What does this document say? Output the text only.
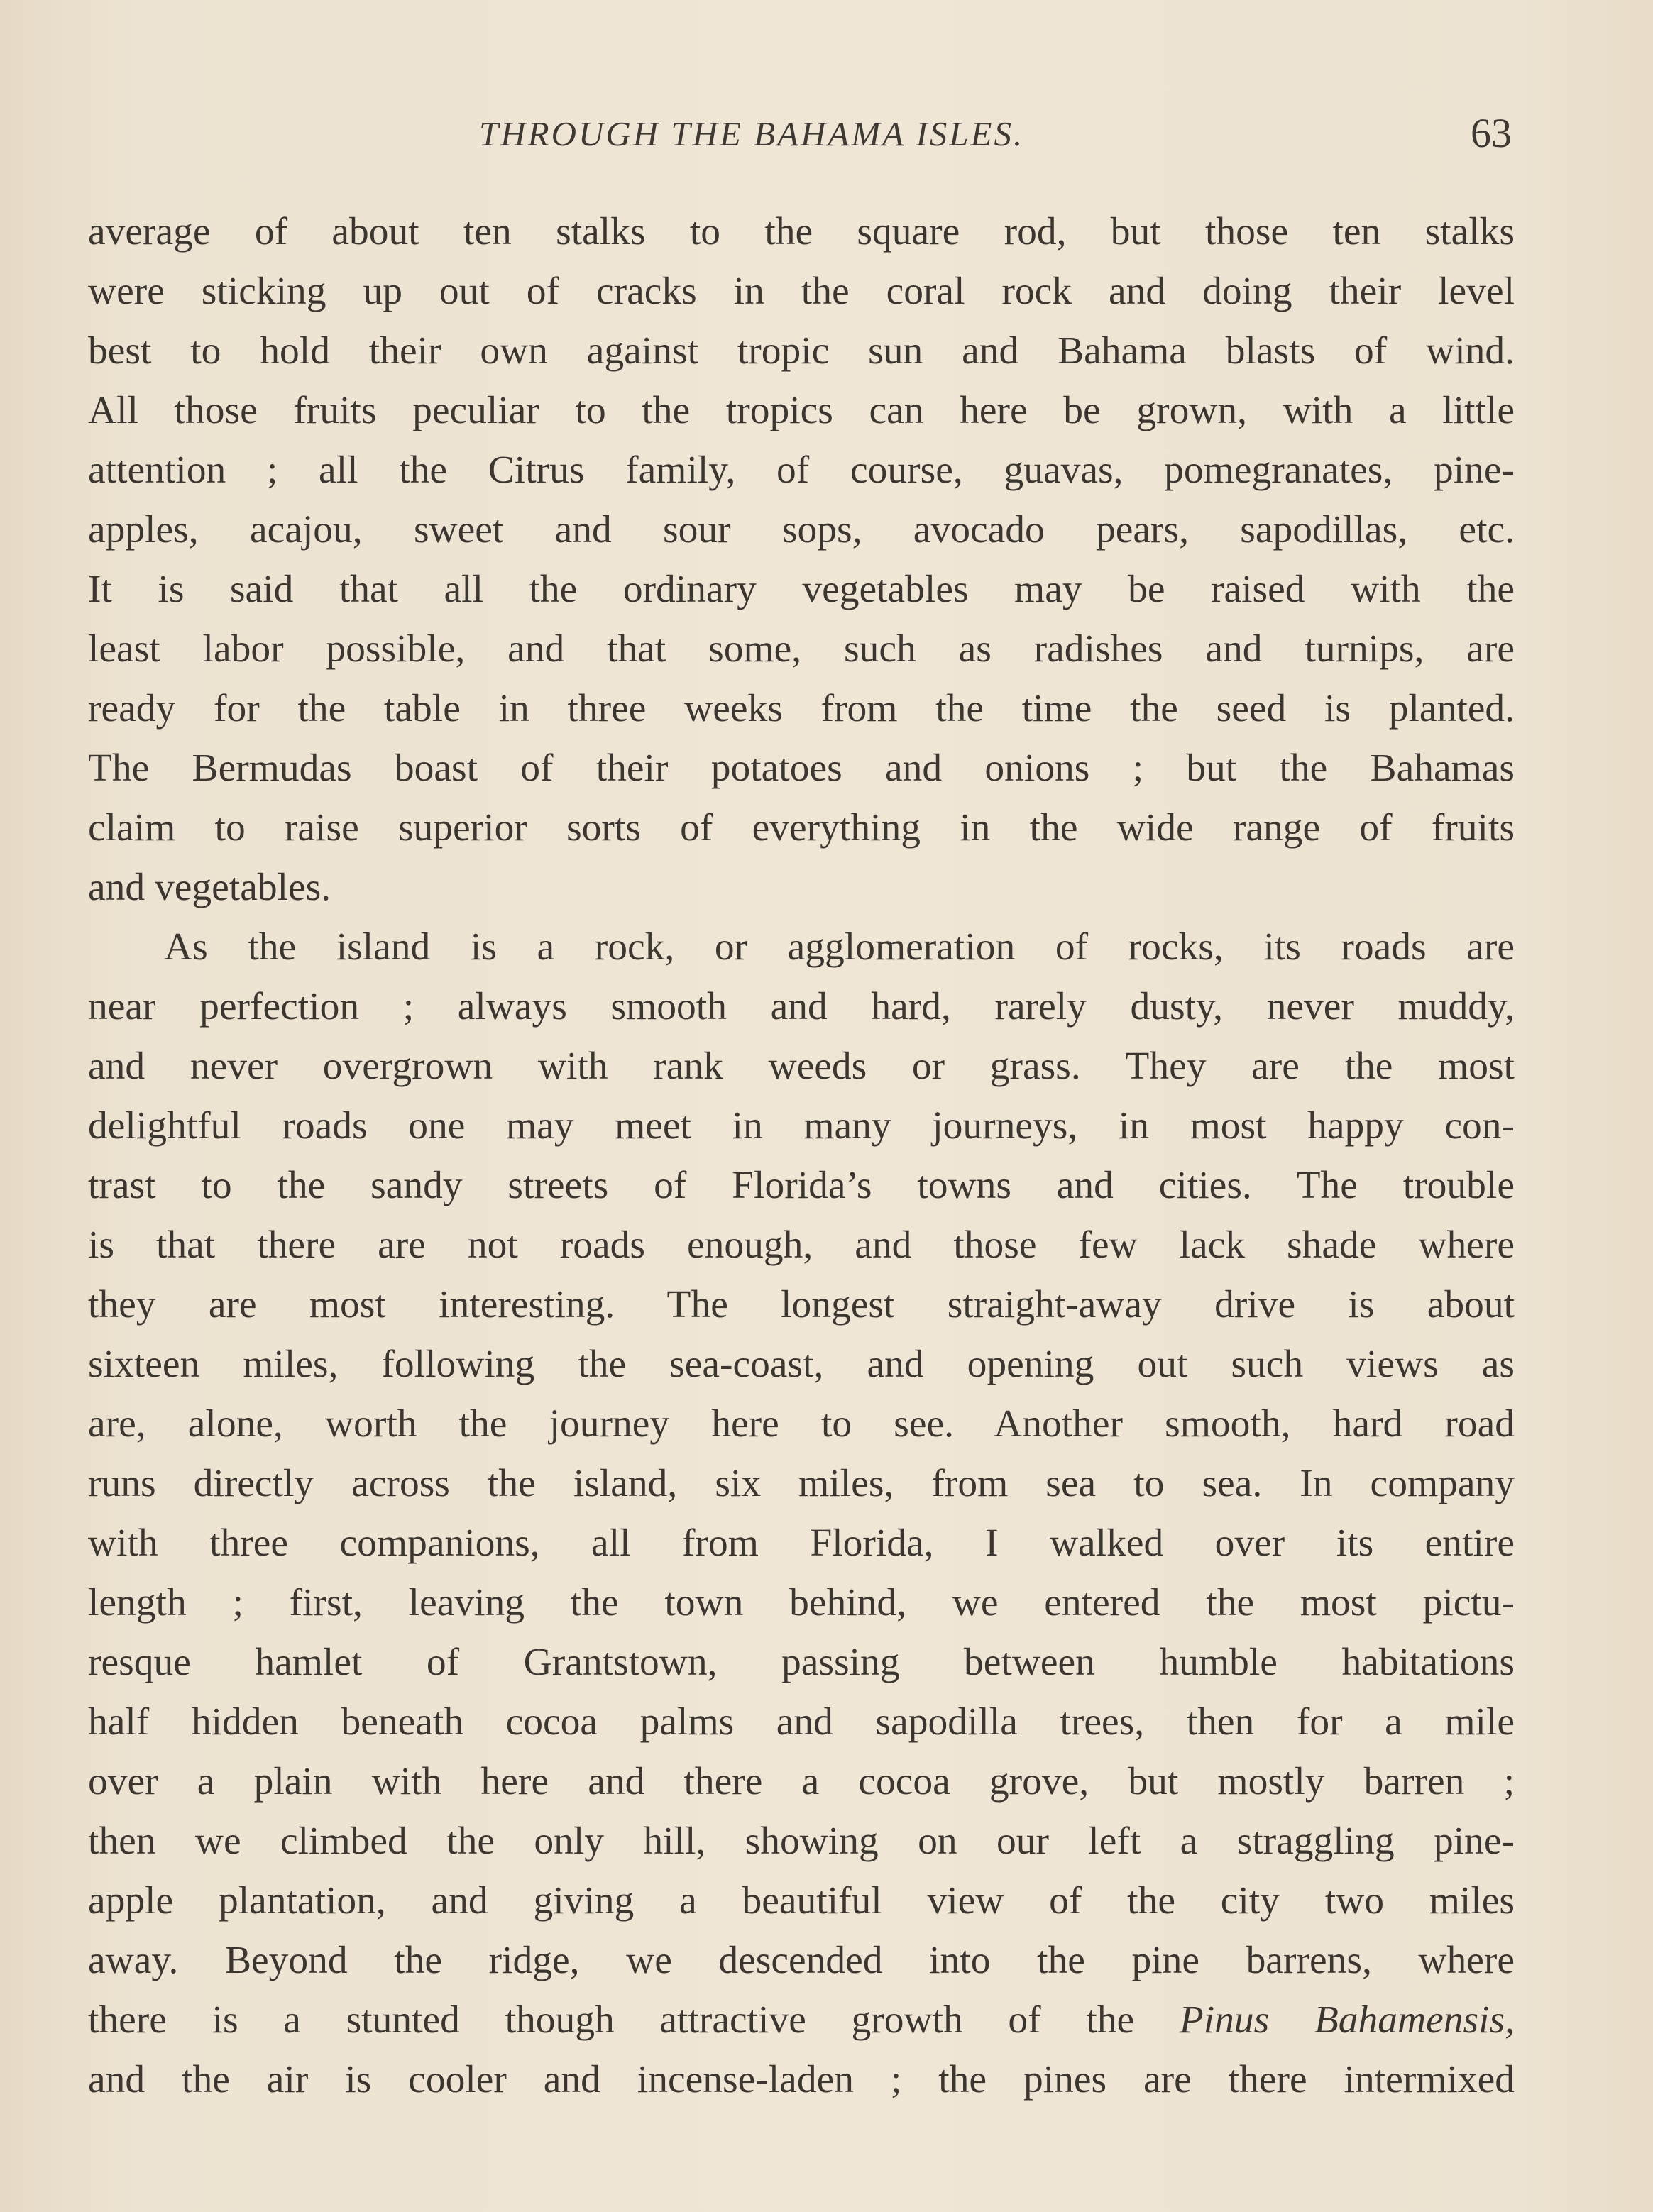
THROUGH THE BAHAMA ISLES.	63
average of about ten stalks to the square rod, but those ten stalks
were sticking up out of cracks in the coral rock and doing their level
best to hold their own against tropic sun and Bahama blasts of wind.
All those fruits peculiar to the tropics can here be grown, with a little
attention ; all the Citrus family, of course, guavas, pomegranates, pine-
apples, acajou, sweet and sour sops, avocado pears, sapodillas, etc.
It is said that all the ordinary vegetables may be raised with the
least labor possible, and that some, such as radishes and turnips, are
ready for the table in three weeks from the time the seed is planted.
The Bermudas boast of their potatoes and onions ; but the Bahamas
claim to raise superior sorts of everything in the wide range of fruits
and vegetables.
As the island is a rock, or agglomeration of rocks, its roads are
near perfection ; always smooth and hard, rarely dusty, never muddy,
and never overgrown with rank weeds or grass. They are the most
delightful roads one may meet in many journeys, in most happy con-
trast to the sandy streets of Florida’s towns and cities. The trouble
is that there are not roads enough, and those few lack shade where
they are most interesting. The longest straight-away drive is about
sixteen miles, following the sea-coast, and opening out such views as
are, alone, worth the journey here to see. Another smooth, hard road
runs directly across the island, six miles, from sea to sea. In company
with three companions, all from Florida, I walked over its entire
length ; first, leaving the town behind, we entered the most pictu-
resque hamlet of Grantstown, passing between humble habitations
half hidden beneath cocoa palms and sapodilla trees, then for a mile
over a plain with here and there a cocoa grove, but mostly barren ;
then we climbed the only hill, showing on our left a straggling pine-
apple plantation, and giving a beautiful view of the city two miles
away. Beyond the ridge, we descended into the pine barrens, where
there is a stunted though attractive growth of the Pinus Bahamensis,
and the air is cooler and incense-laden ; the pines are there intermixed
